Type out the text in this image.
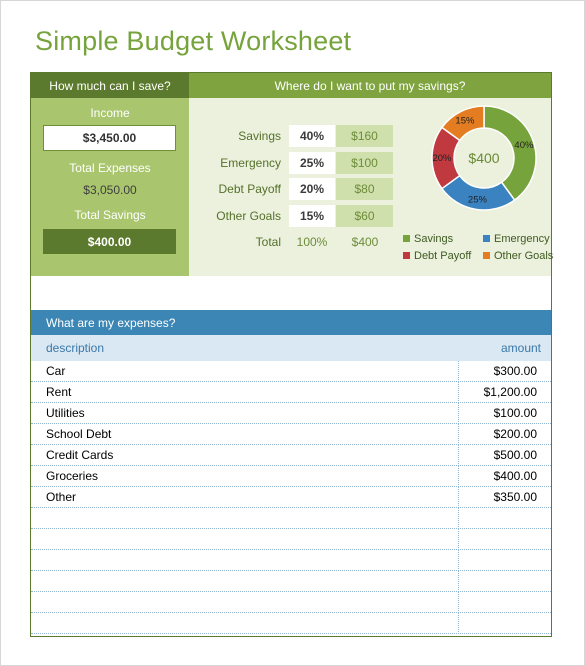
Simple Budget Worksheet
How much can I save?	Where do I want to put my savings?
Income
$3,450.00
Total Expenses
$3,050.00
Total Savings
$400.00
Savings	40%	$160
Emergency	25%	$100
Debt Payoff	20%	$80
Other Goals	15%	$60
Total	100%	$400
40%
25%
20%
15%
$400
Savings	Emergency
Debt Payoff	Other Goals
What are my expenses?
description	amount
Car	$300.00
Rent	$1,200.00
Utilities	$100.00
School Debt	$200.00
Credit Cards	$500.00
Groceries	$400.00
Other	$350.00
